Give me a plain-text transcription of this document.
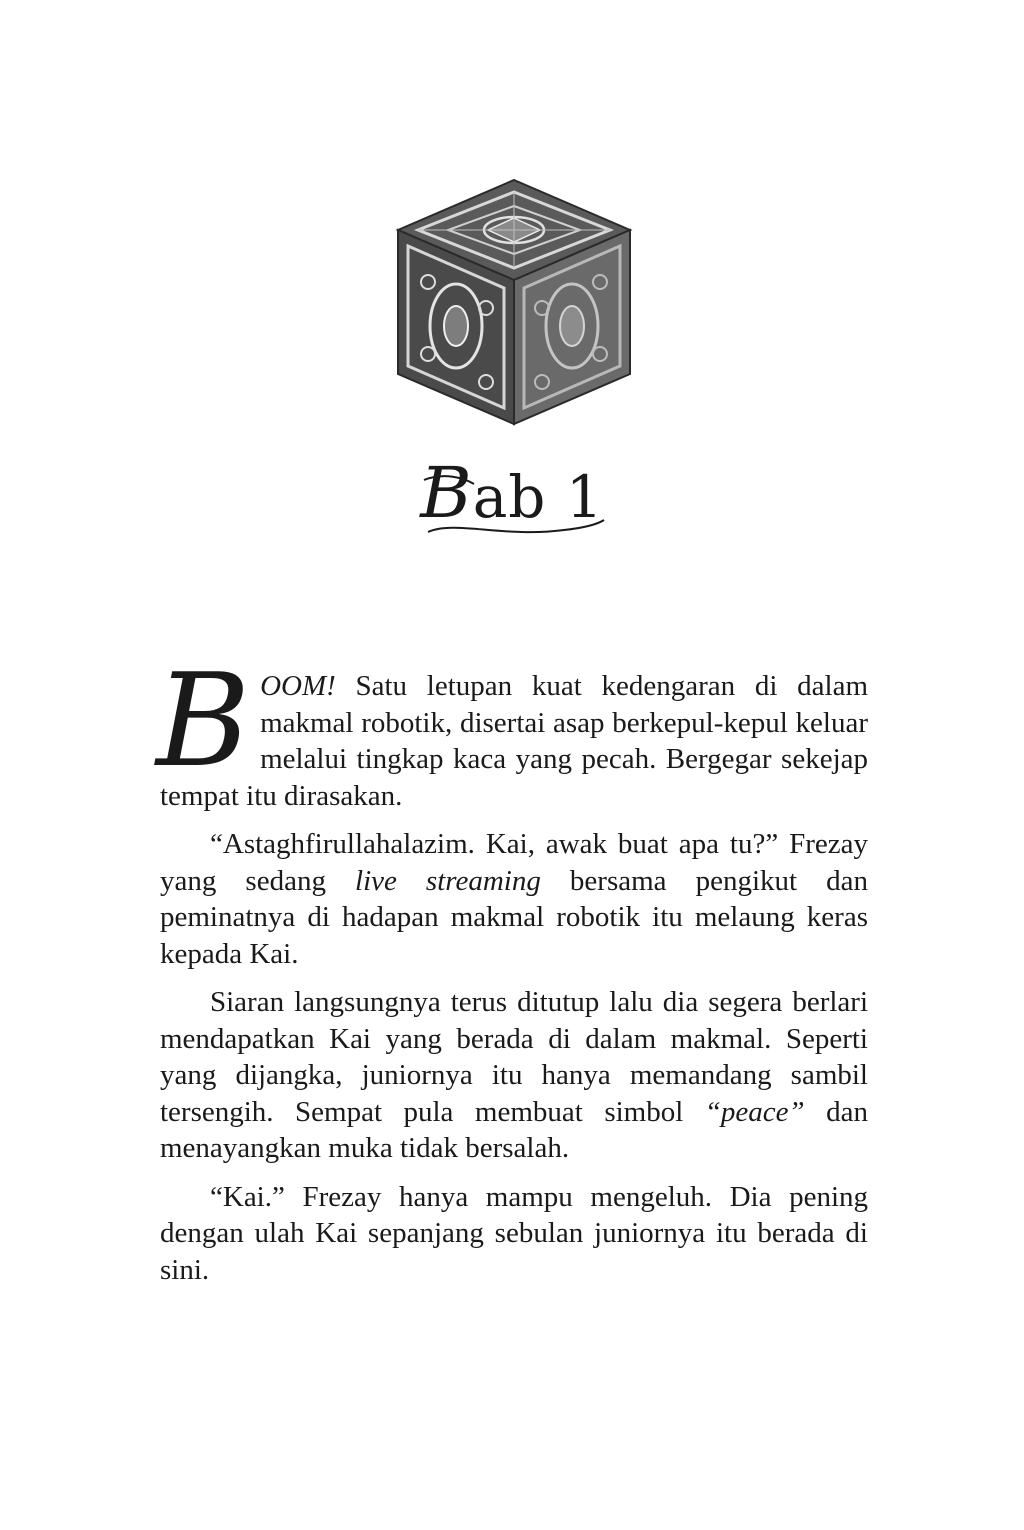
Bab 1

BOOM! Satu letupan kuat kedengaran di dalam makmal robotik, disertai asap berkepul-kepul keluar melalui tingkap kaca yang pecah. Bergegar sekejap tempat itu dirasakan.

“Astaghfirullahalazim. Kai, awak buat apa tu?” Frezay yang sedang live streaming bersama pengikut dan peminatnya di hadapan makmal robotik itu melaung keras kepada Kai.

Siaran langsungnya terus ditutup lalu dia segera berlari mendapatkan Kai yang berada di dalam makmal. Seperti yang dijangka, juniornya itu hanya memandang sambil tersengih. Sempat pula membuat simbol “peace” dan menayangkan muka tidak bersalah.

“Kai.” Frezay hanya mampu mengeluh. Dia pening dengan ulah Kai sepanjang sebulan juniornya itu berada di sini.
